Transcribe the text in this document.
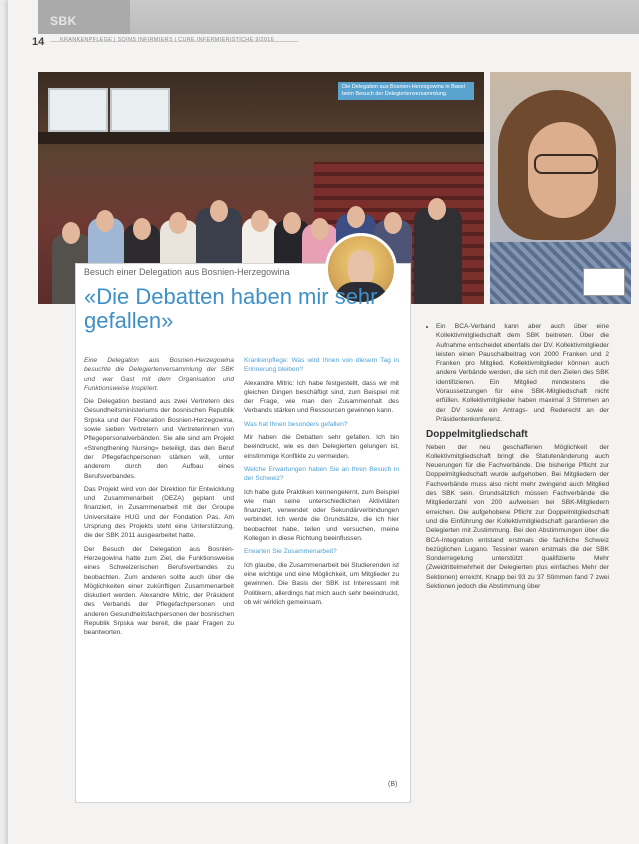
SBK
14	KRANKENPFLEGE | SOINS INFIRMIERS | CURE INFERMIERISTICHE 9/2016
Die Delegation aus Bosnien-Herzegowina in Basel beim Besuch der Delegiertenversammlung.
Besuch einer Delegation aus Bosnien-Herzegowina
«Die Debatten haben mir sehr gefallen»

Eine Delegation aus Bosnien-Herzegowina besuchte die Delegiertenversammlung der SBK und war Gast mit dem Organisation und Funktionsweise Inspiriert.

Die Delegation bestand aus zwei Vertretern des Gesundheitsministeriums der bosnischen Republik Srpska und der Föderation Bosnien-Herzegowina, sowie sieben Vertretern und Vertreterinnen von Pflegepersonalverbänden. Sie alle sind am Projekt «Strengthening Nursing» beteiligt, das den Beruf der Pflegefachpersonen stärken will, unter anderem durch den Aufbau eines Berufsverbandes.

Das Projekt wird von der Direktion für Entwicklung und Zusammenarbeit (DEZA) geplant und finanziert, in Zusammenarbeit mit der Groupe Universitaire HUG und der Fondation Pas. Am Ursprung des Projekts steht eine Unterstützung, die der SBK 2011 ausgearbeitet hatte.

Der Besuch der Delegation aus Bosnien-Herzegowina hatte zum Ziel, die Funktionsweise eines Schweizerischen Berufsverbandes zu beobachten. Zum anderen sollte auch über die Möglichkeiten einer zukünftigen Zusammenarbeit diskutiert werden. Alexandre Mitric, der Präsident des Verbands der Pflegefachpersonen und anderen Gesundheitsfachpersonen der bosnischen Republik Srpska war bereit, die paar Fragen zu beantworten.

Krankenpflege: Was wird Ihnen von diesem Tag in Erinnerung bleiben?

Alexandre Mitric: Ich habe festgestellt, dass wir mit gleichen Dingen beschäftigt sind, zum Beispiel mit der Frage, wie man den Zusammenhalt des Verbands stärken und Ressourcen gewinnen kann.

Was hat Ihnen besonders gefallen?

Mir haben die Debatten sehr gefallen. Ich bin beeindruckt, wie es den Delegierten gelungen ist, einstimmige Konflikte zu vermeiden.

Welche Erwartungen haben Sie an Ihren Besuch in der Schweiz?

Ich habe gute Praktiken kennengelernt, zum Beispiel wie man seine unterschiedlichen Aktivitäten finanziert, verwendet oder Sekundärverbindungen verbindet. Ich werde die Grundsätze, die ich hier beobachtet habe, teilen und versuchen, meine Kollegen in diese Richtung beeinflussen.

Erwarten Sie Zusammenarbeit?

Ich glaube, die Zusammenarbeit bei Studierenden ist eine wichtige und eine Möglichkeit, um Mitglieder zu gewinnen. Die Basis der SBK ist Interessant mit Politikern, allerdings hat mich auch sehr beeindruckt, ob wir wirklich gemeinsam.

(B)
• Ein BCA-Verband kann aber auch über eine Kollektivmitgliedschaft dem SBK beitreten. Über die Aufnahme entscheidet ebenfalls der DV. Kollektivmitglieder leisten einen Pauschalbeitrag von 2000 Franken und 2 Franken pro Mitglied. Kollektivmitglieder können auch andere Verbände werden, die sich mit den Zielen des SBK identifizieren. Ein Mitglied mindestens die Voraussetzungen für eine SBK-Mitgliedschaft nicht erfüllen. Kollektivmitglieder haben maximal 3 Stimmen an der DV sowie ein Antrags- und Rederecht an der Präsidentenkonferenz.
Doppelmitgliedschaft

Neben der neu geschaffenen Möglichkeit der Kollektivmitgliedschaft bringt die Statutenänderung auch Neuerungen für die Fachverbände. Die bisherige Pflicht zur Doppelmitgliedschaft wurde aufgehoben. Bei Mitgliedern der Fachverbände muss also nicht mehr zwingend auch Mitglied des SBK sein. Grundsätzlich müssen Fachverbände die Mitgliederzahl von 200 aufweisen bei SBK-Mitgliedern erreichen. Die aufgehobene Pflicht zur Doppelmitgliedschaft und die Einführung der Kollektivmitgliedschaft garantieren die Delegierten mit Zustimmung. Bei den Abstimmungen über die BCA-Integration entstand erstmals die fachliche Schweiz bezüglichen Lugano. Tessiner waren erstmals die der SBK Sonderregelung unterstützt qualifizierte Mehr (Zweidrittelmehrheit der Delegierten plus einfaches Mehr der Sektionen) erreicht. Knapp bei 93 zu 37 Stimmen fand 7 zwei Sektionen jedoch die Abstimmung über
